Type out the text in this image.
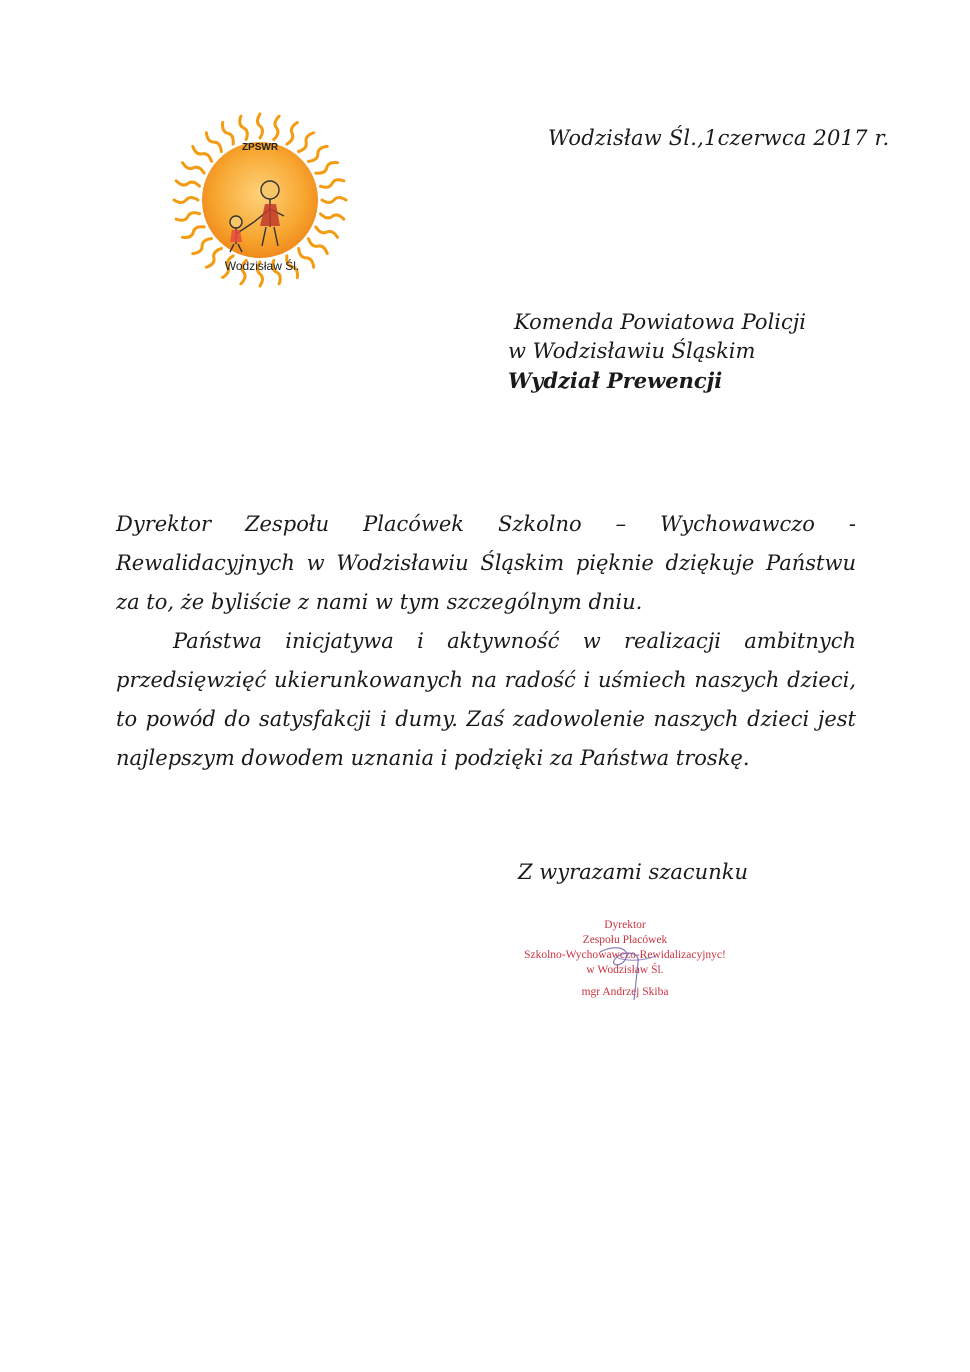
ZPSWR
Wodzisław Śl.
Wodzisław Śl.,1czerwca 2017 r.
Komenda Powiatowa Policji
w Wodzisławiu Śląskim
Wydział Prewencji

Dyrektor Zespołu Placówek Szkolno – Wychowawczo - Rewalidacyjnych w Wodzisławiu Śląskim pięknie dziękuje Państwu za to, że byliście z nami w tym szczególnym dniu.

Państwa inicjatywa i aktywność w realizacji ambitnych przedsięwzięć ukierunkowanych na radość i uśmiech naszych dzieci, to powód do satysfakcji i dumy. Zaś zadowolenie naszych dzieci jest najlepszym dowodem uznania i podzięki za Państwa troskę.

Z wyrazami szacunku
Dyrektor
Zespołu Placówek
Szkolno-Wychowawczo-Rewidalizacyjnyc!
w Wodzisław Śl.
mgr Andrzej Skiba
